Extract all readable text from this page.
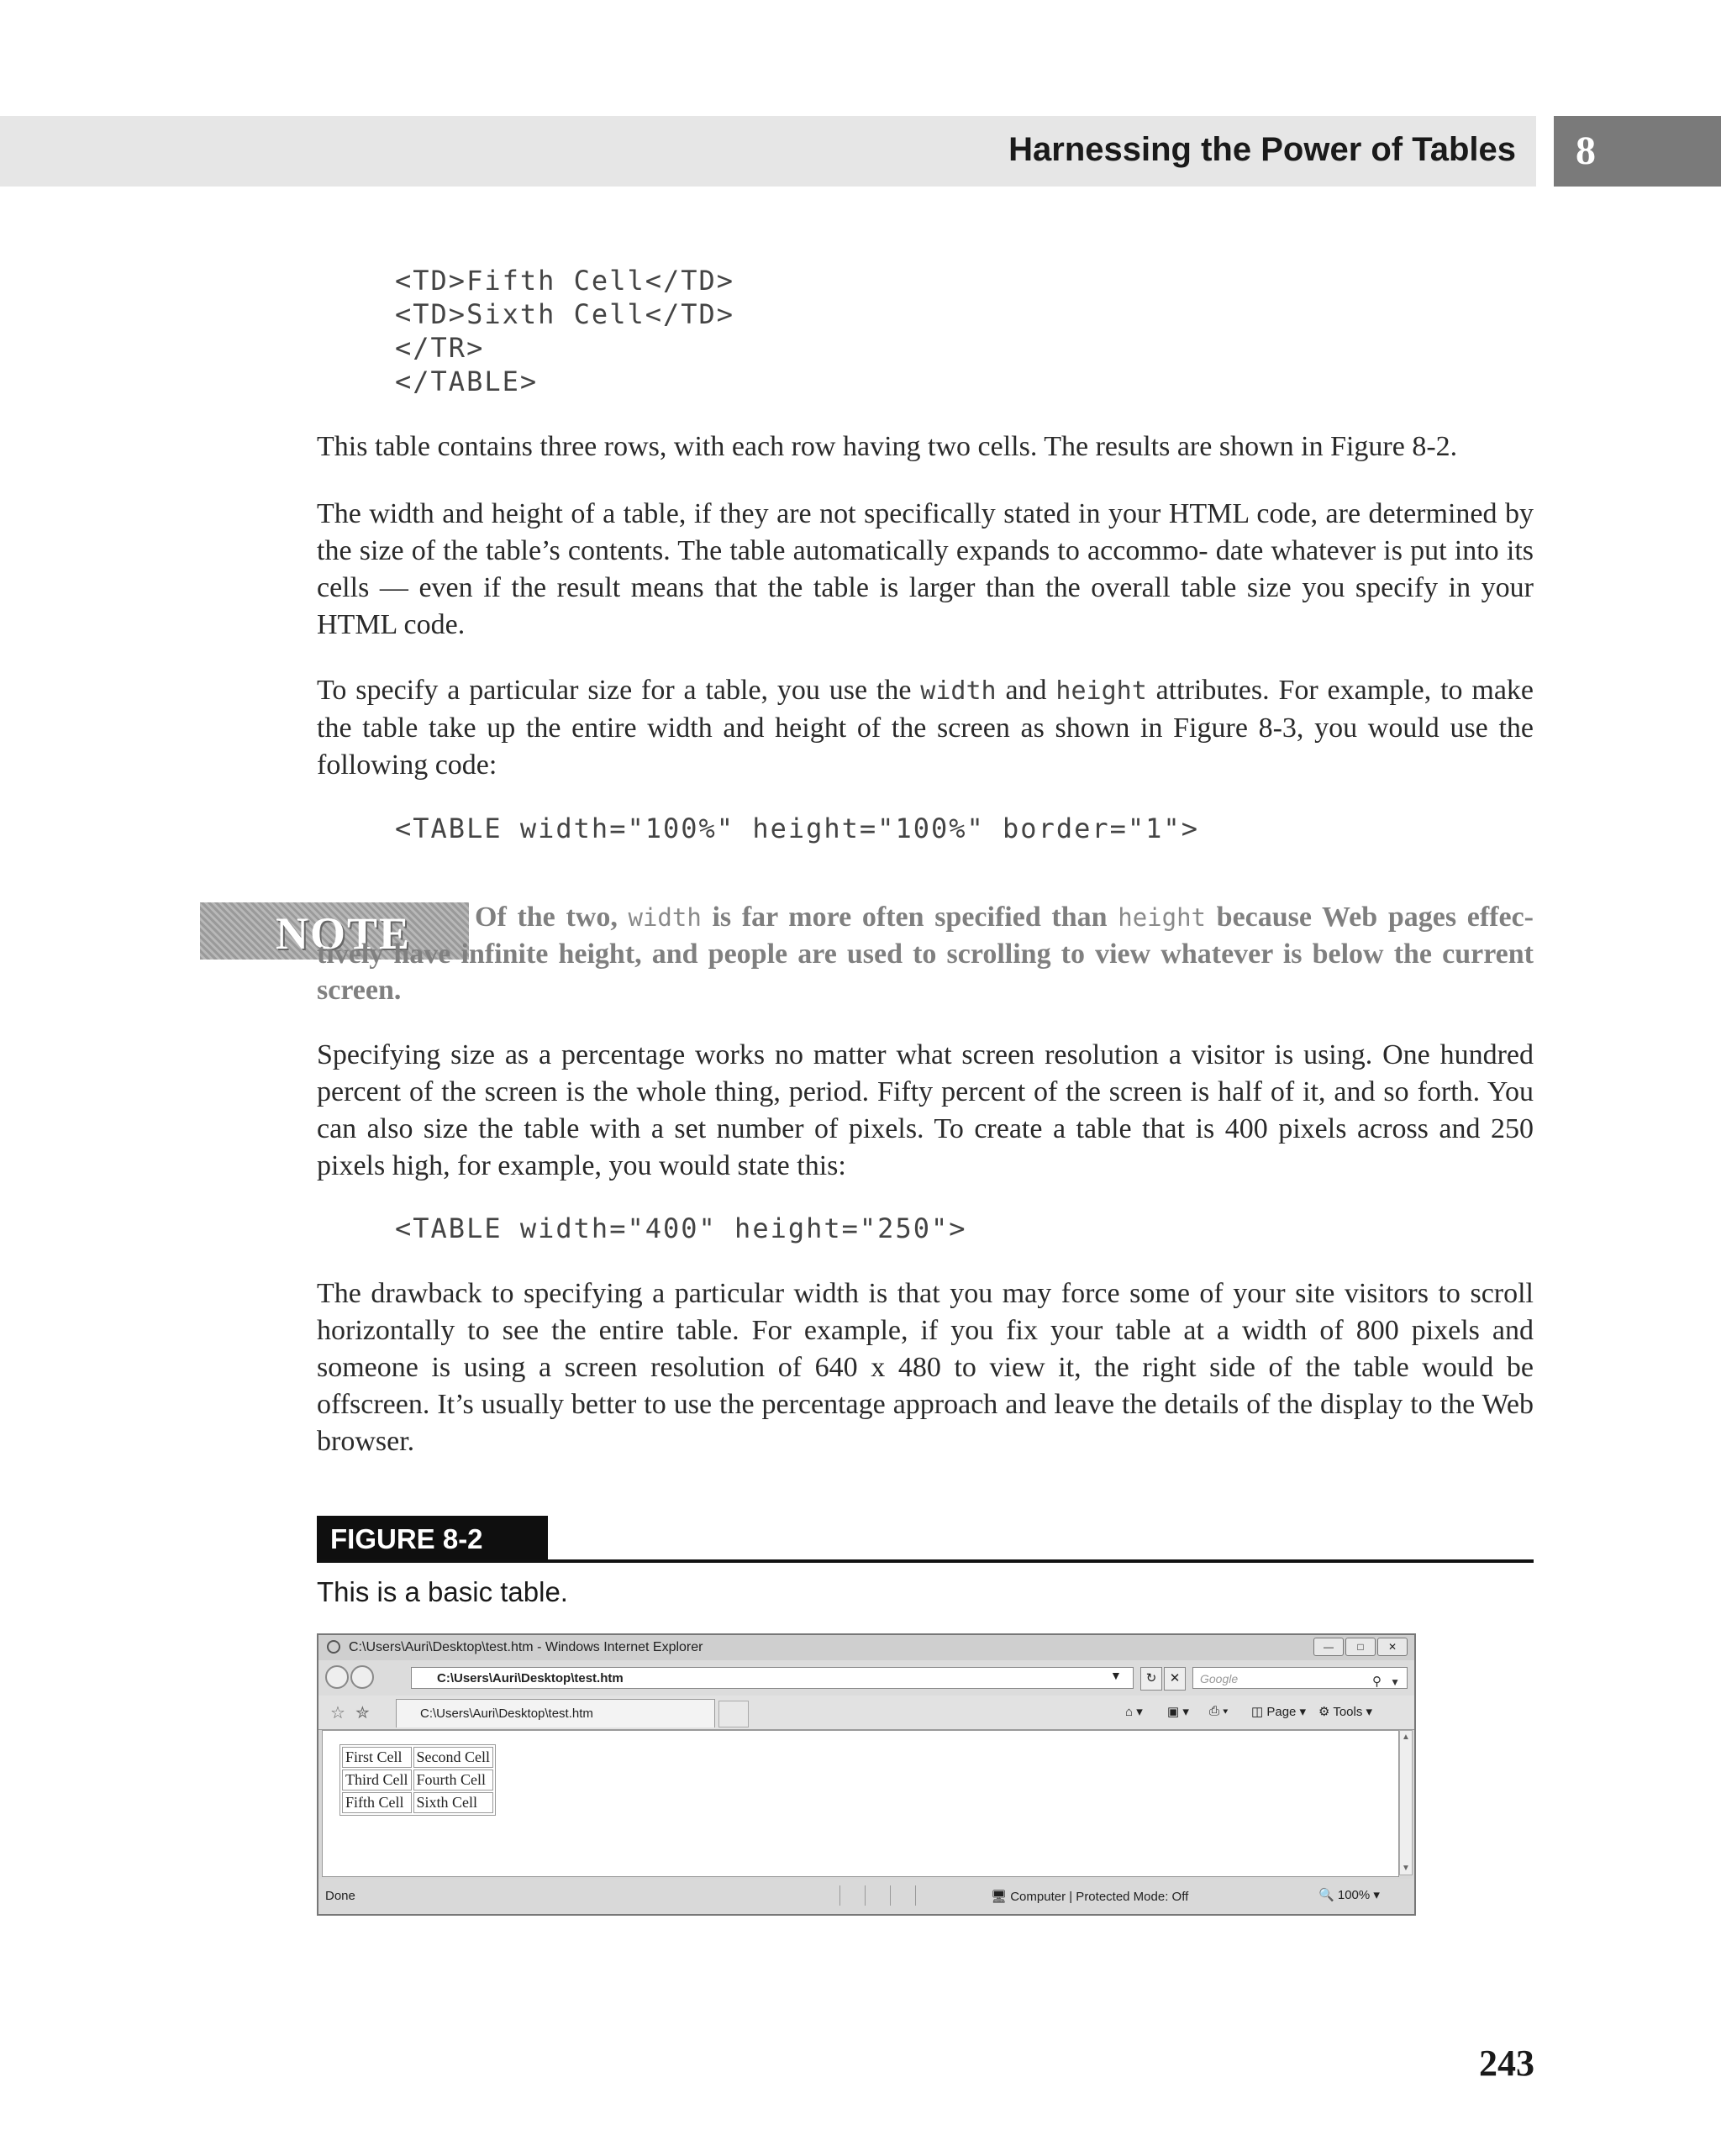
Harnessing the Power of Tables	8
<TD>Fifth Cell</TD>
<TD>Sixth Cell</TD>
</TR>
</TABLE>

This table contains three rows, with each row having two cells. The results are shown in Figure 8-2.

The width and height of a table, if they are not specifically stated in your HTML code, are determined by the size of the table’s contents. The table automatically expands to accommo- date whatever is put into its cells — even if the result means that the table is larger than the overall table size you specify in your HTML code.

To specify a particular size for a table, you use the width and height attributes. For example, to make the table take up the entire width and height of the screen as shown in Figure 8-3, you would use the following code:

<TABLE width="100%" height="100%" border="1">
NOTE	Of the two, width is far more often specified than height because Web pages effec- tively have infinite height, and people are used to scrolling to view whatever is below the current screen.

Specifying size as a percentage works no matter what screen resolution a visitor is using. One hundred percent of the screen is the whole thing, period. Fifty percent of the screen is half of it, and so forth. You can also size the table with a set number of pixels. To create a table that is 400 pixels across and 250 pixels high, for example, you would state this:

<TABLE width="400" height="250">

The drawback to specifying a particular width is that you may force some of your site visitors to scroll horizontally to see the entire table. For example, if you fix your table at a width of 800 pixels and someone is using a screen resolution of 640 x 480 to view it, the right side of the table would be offscreen. It’s usually better to use the percentage approach and leave the details of the display to the Web browser.

FIGURE 8-2
This is a basic table.
C:\Users\Auri\Desktop\test.htm - Windows Internet Explorer	—	□	✕
C:\Users\Auri\Desktop\test.htm	▼	↻	✕	Google	⚲ ▼
☆ ✮	C:\Users\Auri\Desktop\test.htm	⌂ ▾ ▣ ▾ ⎙ ▾ ◫ Page ▾ ⚙ Tools ▾
First Cell	Second Cell
Third Cell	Fourth Cell
Fifth Cell	Sixth Cell
▲
▼
Done	🖥 Computer | Protected Mode: Off	🔍 100% ▾
243
